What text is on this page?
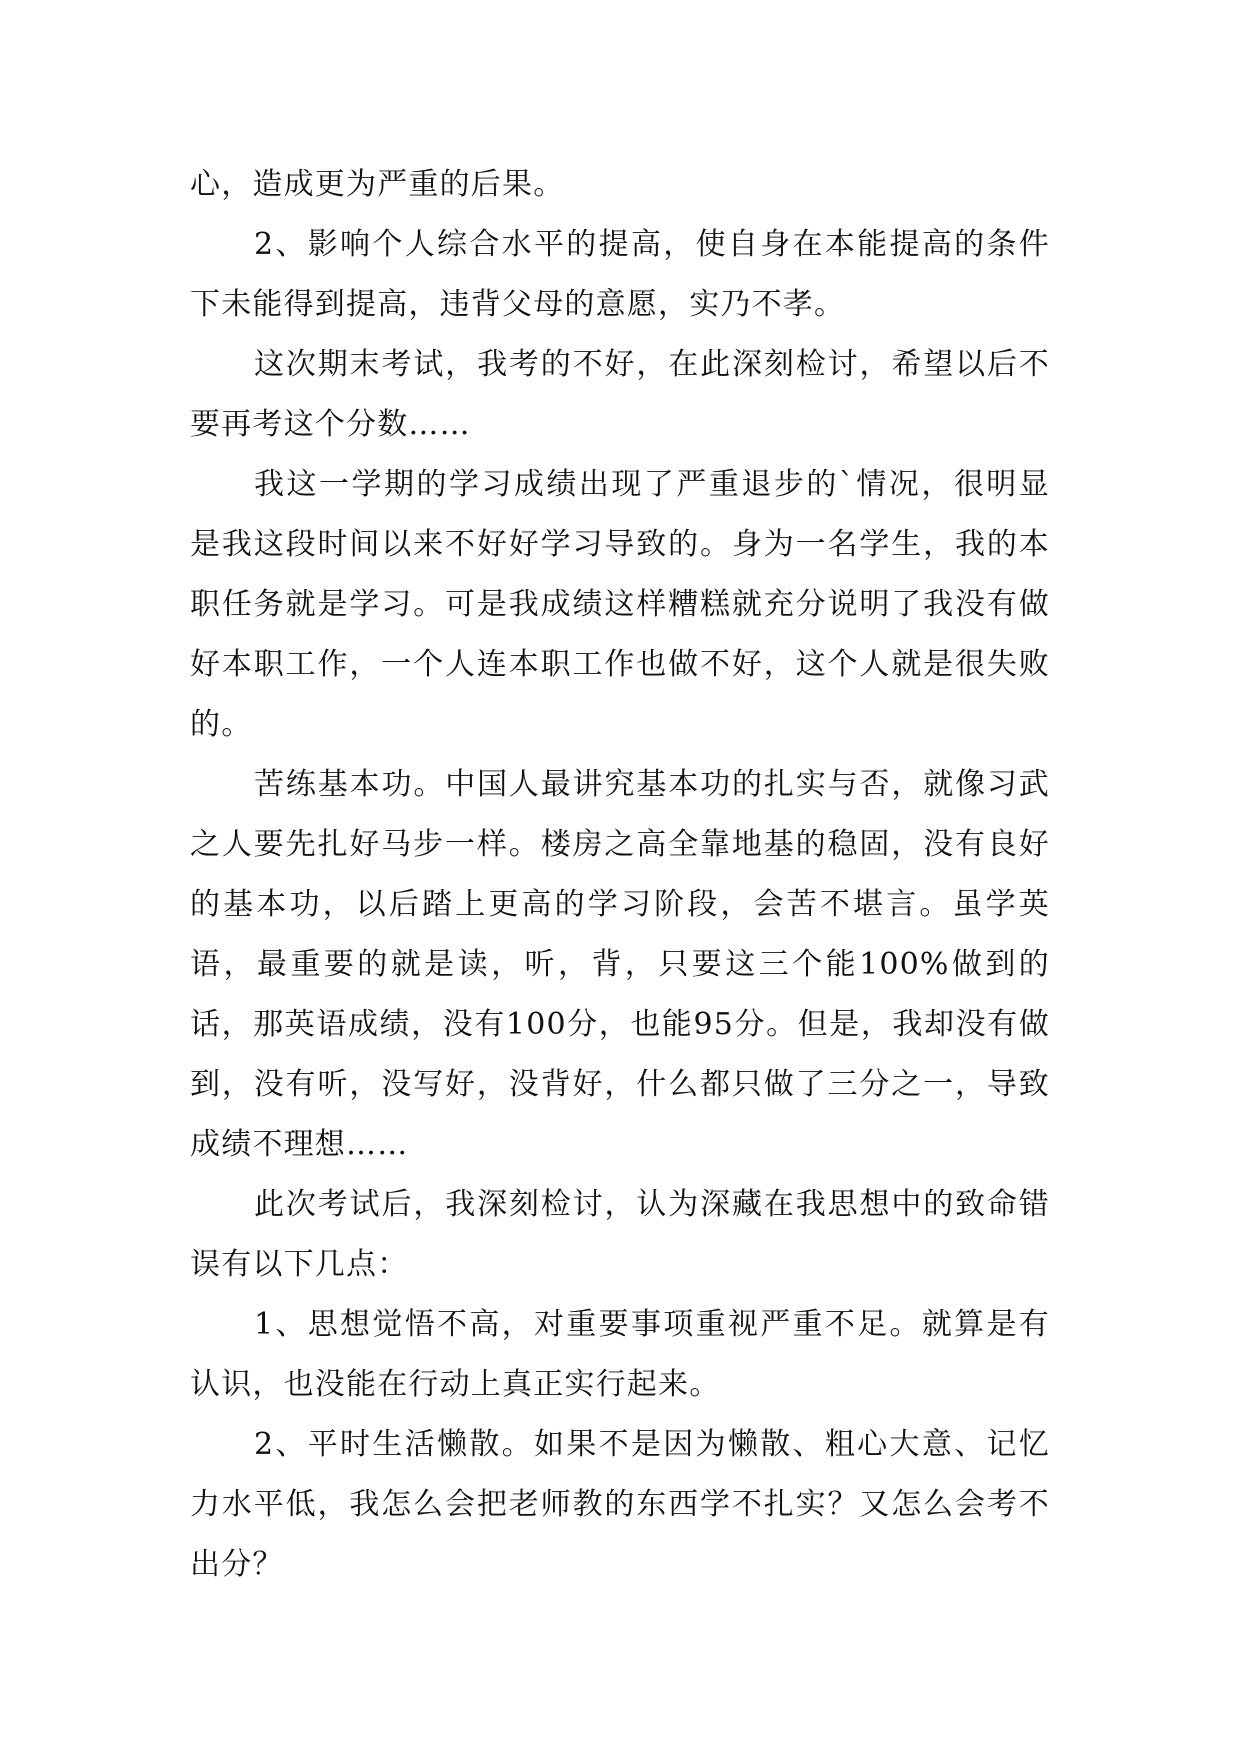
心，造成更为严重的后果。

2、影响个人综合水平的提高，使自身在本能提高的条件下未能得到提高，违背父母的意愿，实乃不孝。

这次期末考试，我考的不好，在此深刻检讨，希望以后不要再考这个分数……

我这一学期的学习成绩出现了严重退步的`情况，很明显是我这段时间以来不好好学习导致的。身为一名学生，我的本职任务就是学习。可是我成绩这样糟糕就充分说明了我没有做好本职工作，一个人连本职工作也做不好，这个人就是很失败的。

苦练基本功。中国人最讲究基本功的扎实与否，就像习武之人要先扎好马步一样。楼房之高全靠地基的稳固，没有良好的基本功，以后踏上更高的学习阶段，会苦不堪言。虽学英语，最重要的就是读，听，背，只要这三个能100%做到的话，那英语成绩，没有100分，也能95分。但是，我却没有做到，没有听，没写好，没背好，什么都只做了三分之一，导致成绩不理想……

此次考试后，我深刻检讨，认为深藏在我思想中的致命错误有以下几点：

1、思想觉悟不高，对重要事项重视严重不足。就算是有认识，也没能在行动上真正实行起来。

2、平时生活懒散。如果不是因为懒散、粗心大意、记忆力水平低，我怎么会把老师教的东西学不扎实？又怎么会考不出分？
